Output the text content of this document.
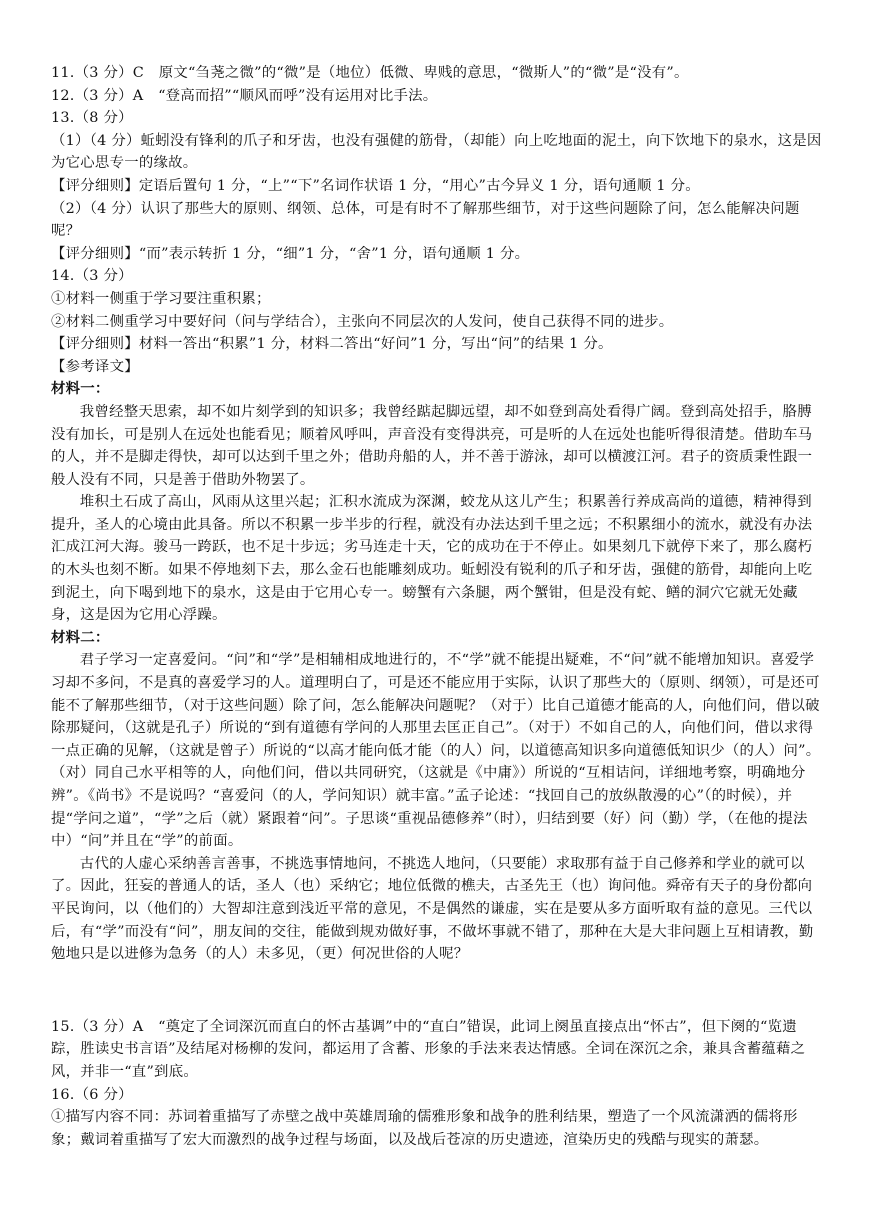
11.（3 分）C　原文“刍荛之微”的“微”是（地位）低微、卑贱的意思，“微斯人”的“微”是“没有”。

12.（3 分）A　“登高而招”“顺风而呼”没有运用对比手法。

13.（8 分）

（1）（4 分）蚯蚓没有锋利的爪子和牙齿，也没有强健的筋骨，（却能）向上吃地面的泥土，向下饮地下的泉水，这是因为它心思专一的缘故。

【评分细则】定语后置句 1 分，“上”“下”名词作状语 1 分，“用心”古今异义 1 分，语句通顺 1 分。

（2）（4 分）认识了那些大的原则、纲领、总体，可是有时不了解那些细节，对于这些问题除了问，怎么能解决问题呢？

【评分细则】“而”表示转折 1 分，“细”1 分，“舍”1 分，语句通顺 1 分。

14.（3 分）

①材料一侧重于学习要注重积累；

②材料二侧重学习中要好问（问与学结合），主张向不同层次的人发问，使自己获得不同的进步。

【评分细则】材料一答出“积累”1 分，材料二答出“好问”1 分，写出“问”的结果 1 分。

【参考译文】

材料一：

我曾经整天思索，却不如片刻学到的知识多；我曾经踮起脚远望，却不如登到高处看得广阔。登到高处招手，胳膊没有加长，可是别人在远处也能看见；顺着风呼叫，声音没有变得洪亮，可是听的人在远处也能听得很清楚。借助车马的人，并不是脚走得快，却可以达到千里之外；借助舟船的人，并不善于游泳，却可以横渡江河。君子的资质秉性跟一般人没有不同，只是善于借助外物罢了。

堆积土石成了高山，风雨从这里兴起；汇积水流成为深渊，蛟龙从这儿产生；积累善行养成高尚的道德，精神得到提升，圣人的心境由此具备。所以不积累一步半步的行程，就没有办法达到千里之远；不积累细小的流水，就没有办法汇成江河大海。骏马一跨跃，也不足十步远；劣马连走十天，它的成功在于不停止。如果刻几下就停下来了，那么腐朽的木头也刻不断。如果不停地刻下去，那么金石也能雕刻成功。蚯蚓没有锐利的爪子和牙齿，强健的筋骨，却能向上吃到泥土，向下喝到地下的泉水，这是由于它用心专一。螃蟹有六条腿，两个蟹钳，但是没有蛇、鳝的洞穴它就无处藏身，这是因为它用心浮躁。

材料二：

君子学习一定喜爱问。“问”和“学”是相辅相成地进行的，不“学”就不能提出疑难，不“问”就不能增加知识。喜爱学习却不多问，不是真的喜爱学习的人。道理明白了，可是还不能应用于实际，认识了那些大的（原则、纲领），可是还可能不了解那些细节，（对于这些问题）除了问，怎么能解决问题呢？（对于）比自己道德才能高的人，向他们问，借以破除那疑问，（这就是孔子）所说的“到有道德有学问的人那里去匡正自己”。（对于）不如自己的人，向他们问，借以求得一点正确的见解，（这就是曾子）所说的“以高才能向低才能（的人）问，以道德高知识多向道德低知识少（的人）问”。（对）同自己水平相等的人，向他们问，借以共同研究，（这就是《中庸》）所说的“互相诘问，详细地考察，明确地分辨”。《尚书》不是说吗？“喜爱问（的人，学问知识）就丰富。”孟子论述：“找回自己的放纵散漫的心”（的时候），并提“学问之道”，“学”之后（就）紧跟着“问”。子思谈“重视品德修养”（时），归结到要（好）问（勤）学，（在他的提法中）“问”并且在“学”的前面。

古代的人虚心采纳善言善事，不挑选事情地问，不挑选人地问，（只要能）求取那有益于自己修养和学业的就可以了。因此，狂妄的普通人的话，圣人（也）采纳它；地位低微的樵夫，古圣先王（也）询问他。舜帝有天子的身份都向平民询问，以（他们的）大智却注意到浅近平常的意见，不是偶然的谦虚，实在是要从多方面听取有益的意见。三代以后，有“学”而没有“问”，朋友间的交往，能做到规劝做好事，不做坏事就不错了，那种在大是大非问题上互相请教，勤勉地只是以进修为急务（的人）未多见，（更）何况世俗的人呢？

15.（3 分）A　“奠定了全词深沉而直白的怀古基调”中的“直白”错误，此词上阕虽直接点出“怀古”，但下阕的“览遗踪，胜读史书言语”及结尾对杨柳的发问，都运用了含蓄、形象的手法来表达情感。全词在深沉之余，兼具含蓄蕴藉之风，并非一“直”到底。

16.（6 分）

①描写内容不同：苏词着重描写了赤壁之战中英雄周瑜的儒雅形象和战争的胜利结果，塑造了一个风流潇洒的儒将形象；戴词着重描写了宏大而激烈的战争过程与场面，以及战后苍凉的历史遗迹，渲染历史的残酷与现实的萧瑟。
